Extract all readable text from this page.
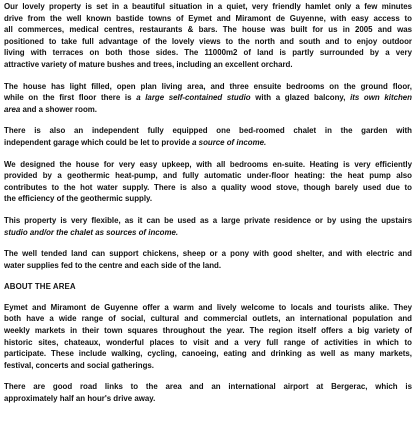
Our lovely property is set in a beautiful situation in a quiet, very friendly hamlet only a few minutes
drive from the well known bastide towns of Eymet and Miramont de Guyenne, with easy access to
all commerces, medical centres, restaurants & bars. The house was built for us in 2005 and was
positioned to take full advantage of the lovely views to the north and south and to enjoy outdoor
living with terraces on both those sides. The 11000m2 of land is partly surrounded by a very
attractive variety of mature bushes and trees, including an excellent orchard.
The house has light filled, open plan living area, and three ensuite bedrooms on the ground floor,
while on the first floor there is a large self-contained studio with a glazed balcony, its own kitchen
area and a shower room.
There is also an independent fully equipped one bed-roomed chalet in the garden with
independent garage which could be let to provide a source of income.
We designed the house for very easy upkeep, with all bedrooms en-suite. Heating is very efficiently
provided by a geothermic heat-pump, and fully automatic under-floor heating: the heat pump also
contributes to the hot water supply. There is also a quality wood stove, though barely used due to
the efficiency of the geothermic supply.
This property is very flexible, as it can be used as a large private residence or by using the upstairs
studio and/or the chalet as sources of income.
The well tended land can support chickens, sheep or a pony with good shelter, and with electric and
water supplies fed to the centre and each side of the land.
ABOUT THE AREA
Eymet and Miramont de Guyenne offer a warm and lively welcome to locals and tourists alike. They
both have a wide range of social, cultural and commercial outlets, an international population and
weekly markets in their town squares throughout the year. The region itself offers a big variety of
historic sites, chateaux, wonderful places to visit and a very full range of activities in which to
participate. These include walking, cycling, canoeing, eating and drinking as well as many markets,
festival, concerts and social gatherings.
There are good road links to the area and an international airport at Bergerac, which is
approximately half an hour's drive away.
